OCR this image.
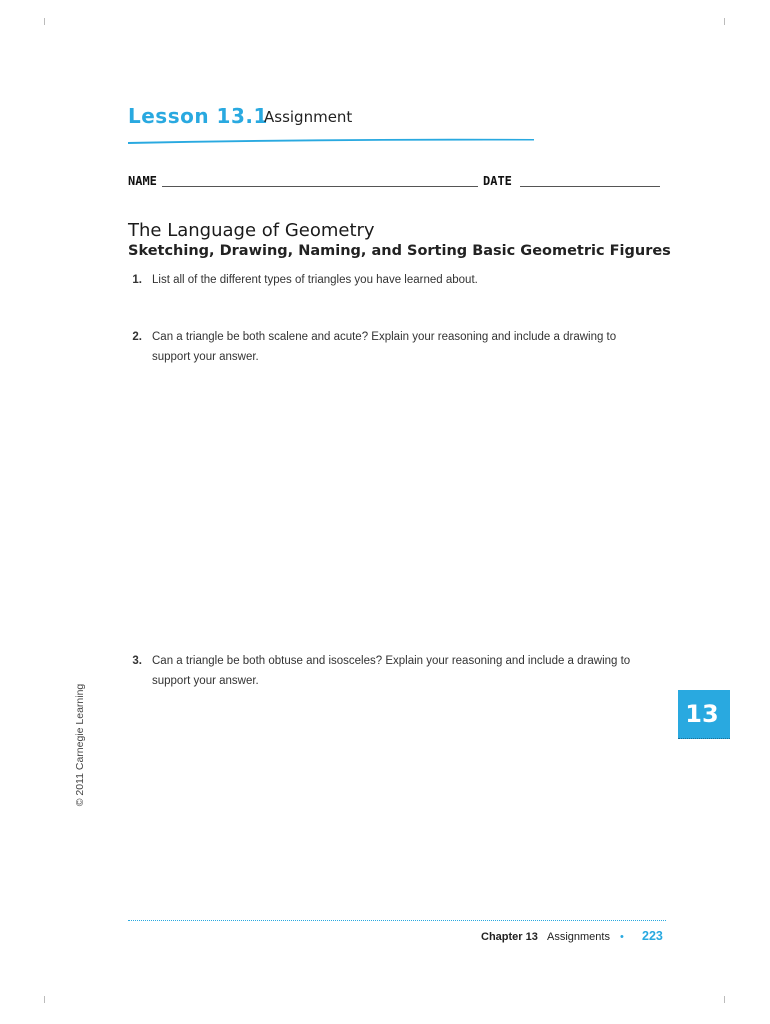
Lesson 13.1
Assignment
NAME	DATE
The Language of Geometry
Sketching, Drawing, Naming, and Sorting Basic Geometric Figures
1. List all of the different types of triangles you have learned about.
2. Can a triangle be both scalene and acute? Explain your reasoning and include a drawing to support your answer.
3. Can a triangle be both obtuse and isosceles? Explain your reasoning and include a drawing to support your answer.
© 2011 Carnegie Learning	13
Chapter 13 Assignments • 223
